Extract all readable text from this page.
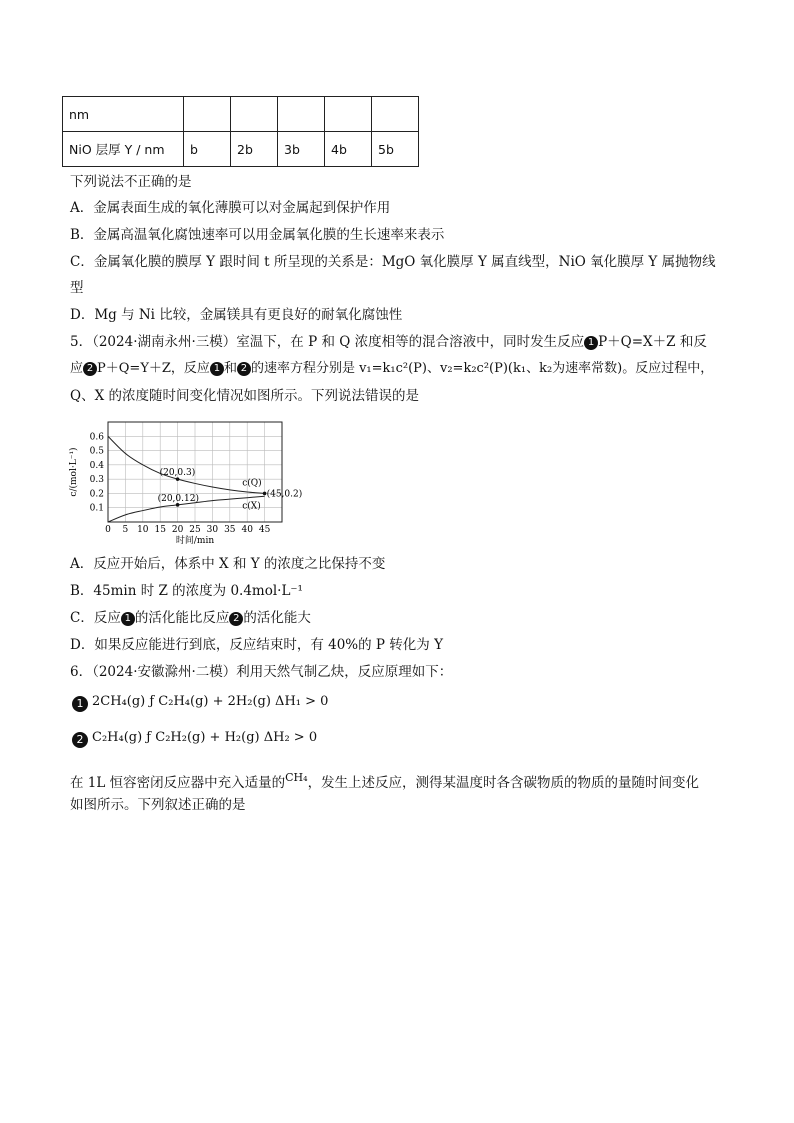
nm					
NiO 层厚 Y / nm	b	2b	3b	4b	5b
下列说法不正确的是
A．金属表面生成的氧化薄膜可以对金属起到保护作用
B．金属高温氧化腐蚀速率可以用金属氧化膜的生长速率来表示
C．金属氧化膜的膜厚 Y 跟时间 t 所呈现的关系是：MgO 氧化膜厚 Y 属直线型，NiO 氧化膜厚 Y 属抛物线
型
D．Mg 与 Ni 比较，金属镁具有更良好的耐氧化腐蚀性
5．（2024·湖南永州·三模）室温下，在 P 和 Q 浓度相等的混合溶液中，同时发生反应 1 P＋Q=X＋Z 和反
应 2 P＋Q=Y＋Z，反应 1 和 2 的速率方程分别是 v₁=k₁c²(P)、v₂=k₂c²(P)(k₁、k₂为速率常数)。反应过程中，
Q、X 的浓度随时间变化情况如图所示。下列说法错误的是
0.1
0.2
0.3
0.4
0.5
0.6
0 5 10 15 20 25 30 35 40 45
(20,0.3)
(20,0.12)	(45,0.2)
c(Q)
c(X)
c/(mol·L⁻¹)
时间/min
A．反应开始后，体系中 X 和 Y 的浓度之比保持不变
B．45min 时 Z 的浓度为 0.4mol·L⁻¹
C．反应 1 的活化能比反应 2 的活化能大
D．如果反应能进行到底，反应结束时，有 40%的 P 转化为 Y
6．（2024·安徽滁州·二模）利用天然气制乙炔，反应原理如下：
1 2CH₄(g) ƒ C₂H₄(g) + 2H₂(g) ΔH₁ > 0
2 C₂H₄(g) ƒ C₂H₂(g) + H₂(g) ΔH₂ > 0
在 1L 恒容密闭反应器中充入适量的$^{CH_4}$，发生上述反应，测得某温度时各含碳物质的物质的量随时间变化
如图所示。下列叙述正确的是
